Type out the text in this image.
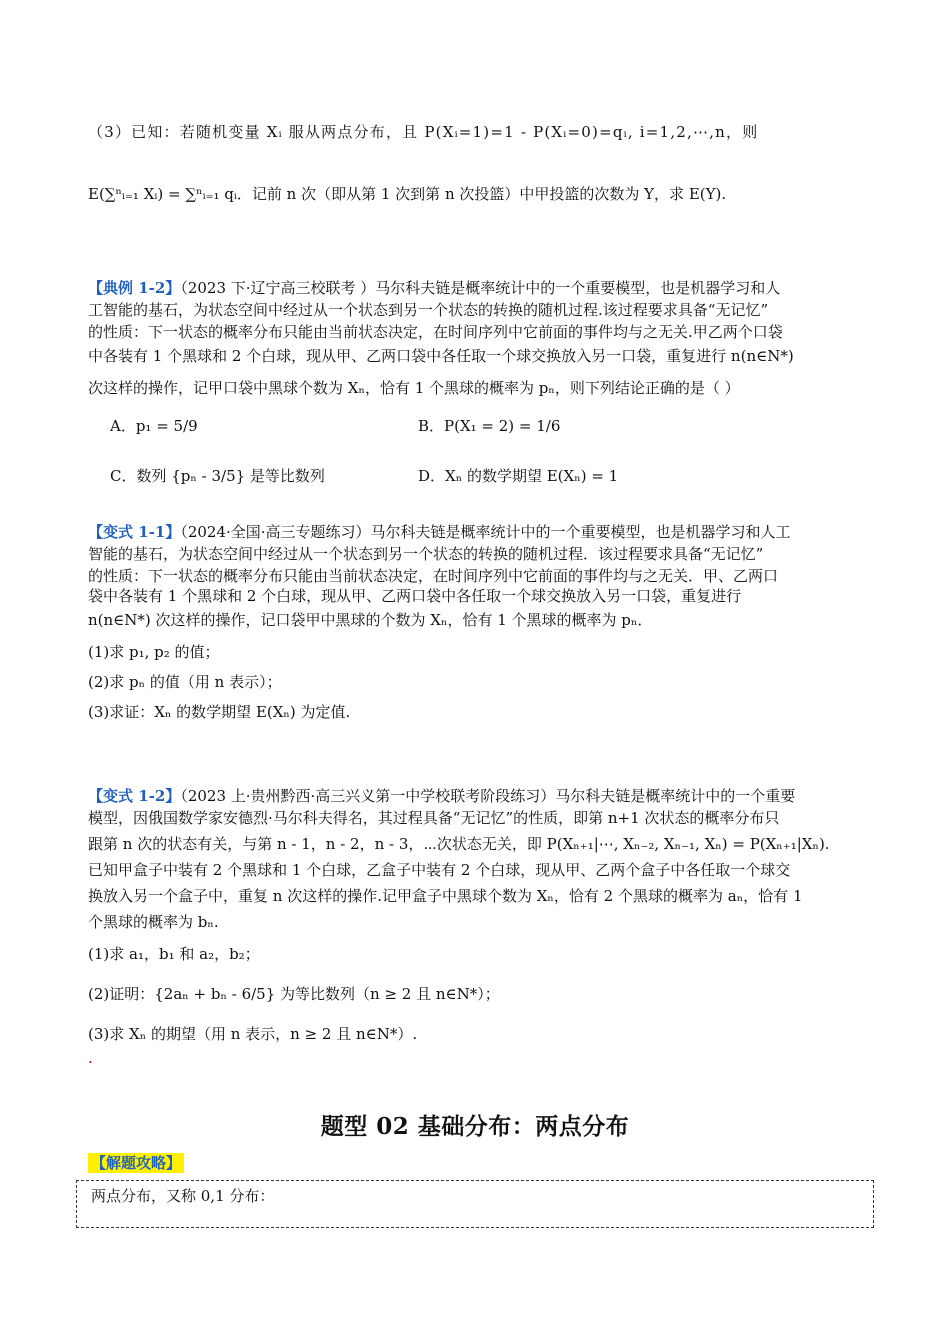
（3）已知：若随机变量 Xᵢ 服从两点分布，且 P(Xᵢ=1)=1 - P(Xᵢ=0)=qᵢ, i=1,2,⋯,n，则
E(∑ⁿᵢ₌₁ Xᵢ) = ∑ⁿᵢ₌₁ qᵢ．记前 n 次（即从第 1 次到第 n 次投篮）中甲投篮的次数为 Y，求 E(Y).
【典例 1-2】（2023 下·辽宁高三校联考 ）马尔科夫链是概率统计中的一个重要模型，也是机器学习和人
工智能的基石，为状态空间中经过从一个状态到另一个状态的转换的随机过程.该过程要求具备“无记忆”
的性质：下一状态的概率分布只能由当前状态决定，在时间序列中它前面的事件均与之无关.甲乙两个口袋
中各装有 1 个黑球和 2 个白球，现从甲、乙两口袋中各任取一个球交换放入另一口袋，重复进行 n(n∈N*)
次这样的操作，记甲口袋中黑球个数为 Xₙ，恰有 1 个黑球的概率为 pₙ，则下列结论正确的是（ ）
A．p₁ = 5/9	B．P(X₁ = 2) = 1/6
C．数列 {pₙ - 3/5} 是等比数列	D．Xₙ 的数学期望 E(Xₙ) = 1
【变式 1-1】（2024·全国·高三专题练习）马尔科夫链是概率统计中的一个重要模型，也是机器学习和人工
智能的基石，为状态空间中经过从一个状态到另一个状态的转换的随机过程．该过程要求具备“无记忆”
的性质：下一状态的概率分布只能由当前状态决定，在时间序列中它前面的事件均与之无关．甲、乙两口
袋中各装有 1 个黑球和 2 个白球，现从甲、乙两口袋中各任取一个球交换放入另一口袋，重复进行
n(n∈N*) 次这样的操作，记口袋甲中黑球的个数为 Xₙ，恰有 1 个黑球的概率为 pₙ．
(1)求 p₁, p₂ 的值；
(2)求 pₙ 的值（用 n 表示）；
(3)求证：Xₙ 的数学期望 E(Xₙ) 为定值.
【变式 1-2】（2023 上·贵州黔西·高三兴义第一中学校联考阶段练习）马尔科夫链是概率统计中的一个重要
模型，因俄国数学家安德烈·马尔科夫得名，其过程具备“无记忆”的性质，即第 n+1 次状态的概率分布只
跟第 n 次的状态有关，与第 n - 1，n - 2，n - 3，⋯次状态无关，即 P(Xₙ₊₁|⋯, Xₙ₋₂, Xₙ₋₁, Xₙ) = P(Xₙ₊₁|Xₙ).
已知甲盒子中装有 2 个黑球和 1 个白球，乙盒子中装有 2 个白球，现从甲、乙两个盒子中各任取一个球交
换放入另一个盒子中，重复 n 次这样的操作.记甲盒子中黑球个数为 Xₙ，恰有 2 个黑球的概率为 aₙ，恰有 1
个黑球的概率为 bₙ.
(1)求 a₁，b₁ 和 a₂，b₂；
(2)证明：{2aₙ + bₙ - 6/5} 为等比数列（n ≥ 2 且 n∈N*）；
(3)求 Xₙ 的期望（用 n 表示，n ≥ 2 且 n∈N*）.
.
题型 02 基础分布：两点分布
【解题攻略】
两点分布，又称 0,1 分布：
